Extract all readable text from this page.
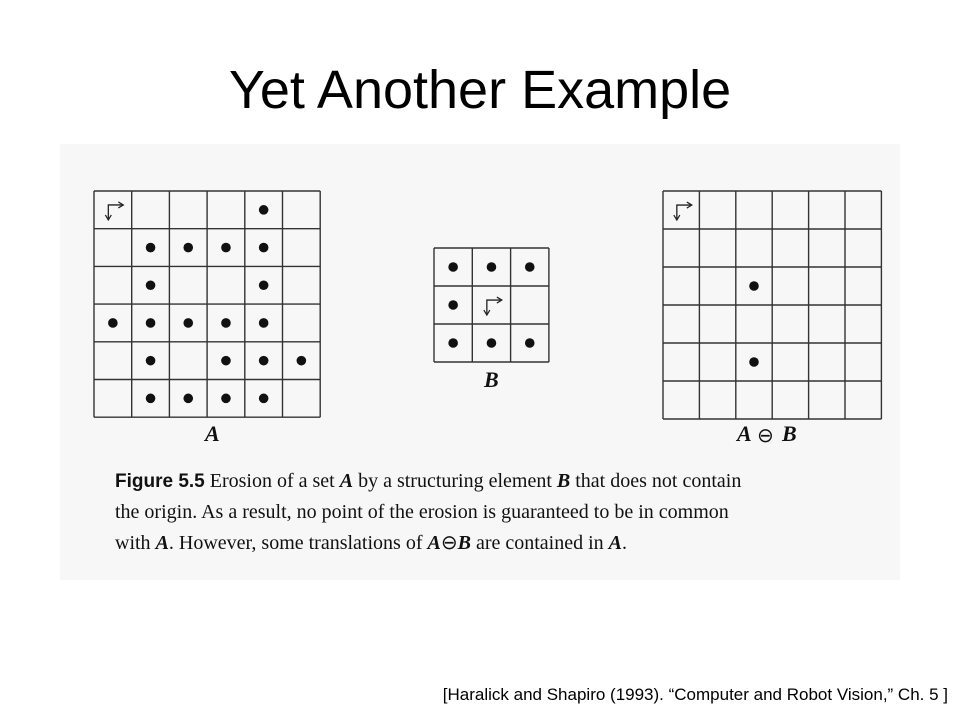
Yet Another Example
A
B
A ⊖ B
Figure 5.5 Erosion of a set A by a structuring element B that does not contain
the origin. As a result, no point of the erosion is guaranteed to be in common
with A. However, some translations of A⊖B are contained in A.
[Haralick and Shapiro (1993). “Computer and Robot Vision,” Ch. 5 ]
